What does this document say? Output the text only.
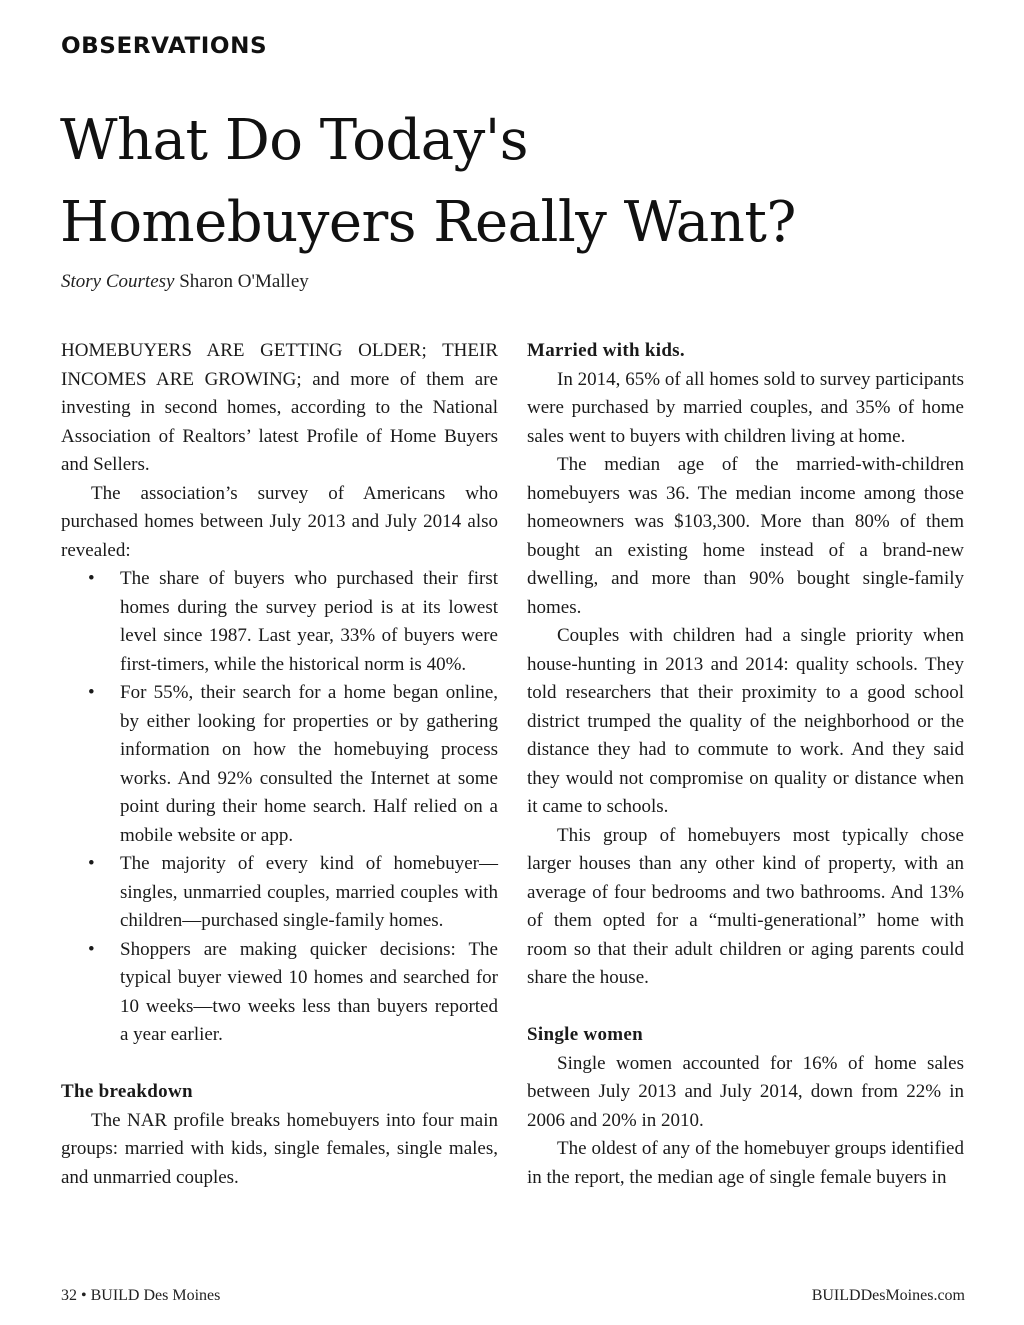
OBSERVATIONS
What Do Today's
Homebuyers Really Want?
Story Courtesy Sharon O'Malley

HOMEBUYERS ARE GETTING OLDER; THEIR INCOMES ARE GROWING; and more of them are investing in second homes, according to the National Association of Realtors’ latest Profile of Home Buyers and Sellers.

The association’s survey of Americans who purchased homes between July 2013 and July 2014 also revealed:

• The share of buyers who purchased their first homes during the survey period is at its lowest level since 1987. Last year, 33% of buyers were first-timers, while the historical norm is 40%.
• For 55%, their search for a home began online, by either looking for properties or by gathering information on how the homebuying process works. And 92% consulted the Internet at some point during their home search. Half relied on a mobile website or app.
• The majority of every kind of homebuyer—singles, unmarried couples, married couples with children—purchased single-family homes.
• Shoppers are making quicker decisions: The typical buyer viewed 10 homes and searched for 10 weeks—two weeks less than buyers reported a year earlier.
The breakdown

The NAR profile breaks homebuyers into four main groups: married with kids, single females, single males, and unmarried couples.

Married with kids.

In 2014, 65% of all homes sold to survey participants were purchased by married couples, and 35% of home sales went to buyers with children living at home.

The median age of the married-with-children homebuyers was 36. The median income among those homeowners was $103,300. More than 80% of them bought an existing home instead of a brand-new dwelling, and more than 90% bought single-family homes.

Couples with children had a single priority when house-hunting in 2013 and 2014: quality schools. They told researchers that their proximity to a good school district trumped the quality of the neighborhood or the distance they had to commute to work. And they said they would not compromise on quality or distance when it came to schools.

This group of homebuyers most typically chose larger houses than any other kind of property, with an average of four bedrooms and two bathrooms. And 13% of them opted for a “multi-generational” home with room so that their adult children or aging parents could share the house.

Single women

Single women accounted for 16% of home sales between July 2013 and July 2014, down from 22% in 2006 and 20% in 2010.

The oldest of any of the homebuyer groups identified in the report, the median age of single female buyers in

32 • BUILD Des Moines	BUILDDesMoines.com
